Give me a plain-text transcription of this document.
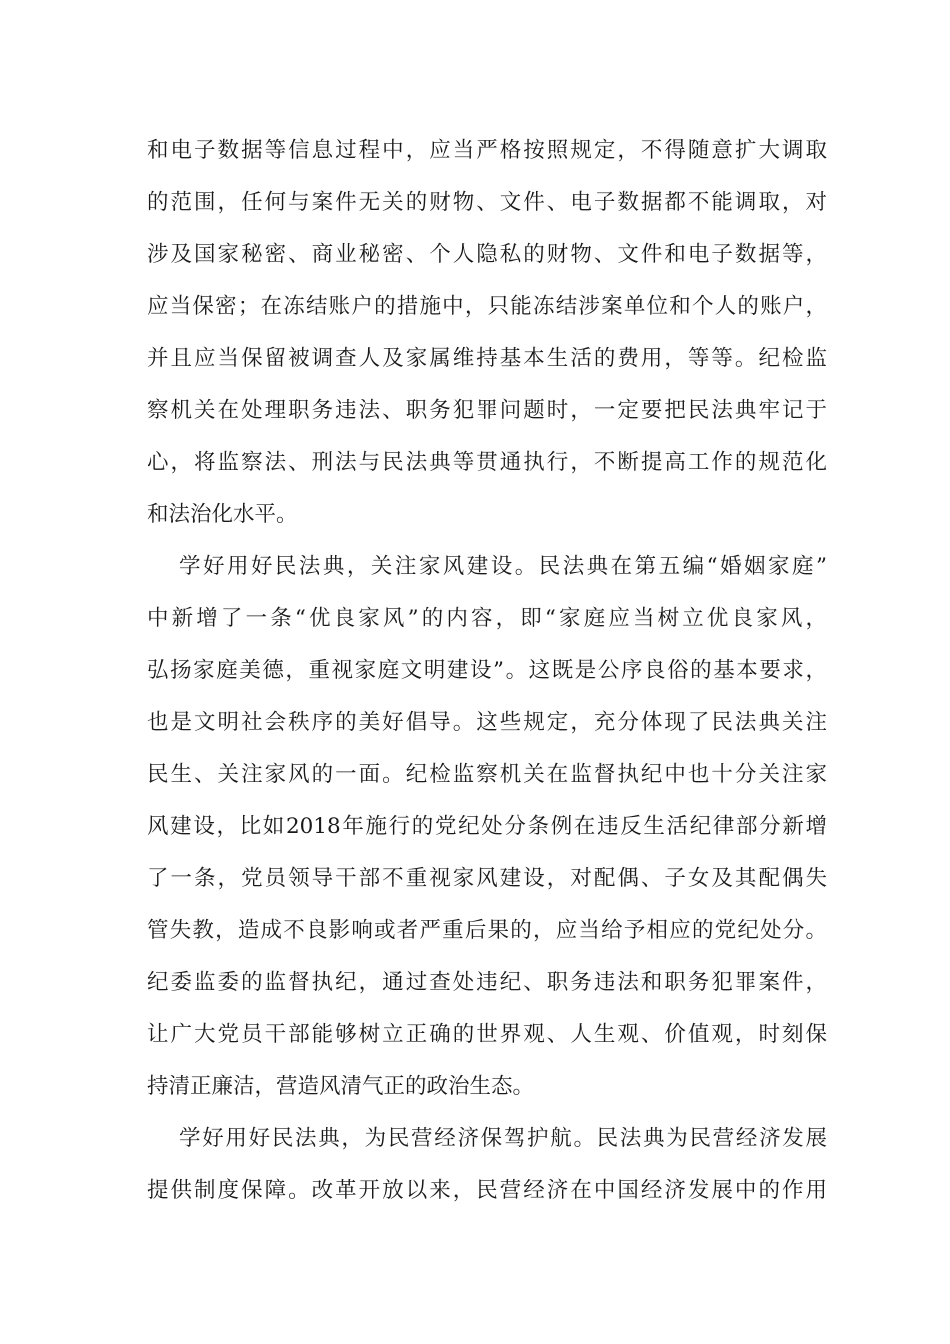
和电子数据等信息过程中，应当严格按照规定，不得随意扩大调取
的范围，任何与案件无关的财物、文件、电子数据都不能调取，对
涉及国家秘密、商业秘密、个人隐私的财物、文件和电子数据等，
应当保密；在冻结账户的措施中，只能冻结涉案单位和个人的账户，
并且应当保留被调查人及家属维持基本生活的费用，等等。纪检监
察机关在处理职务违法、职务犯罪问题时，一定要把民法典牢记于
心，将监察法、刑法与民法典等贯通执行，不断提高工作的规范化
和法治化水平。
学好用好民法典，关注家风建设。民法典在第五编“婚姻家庭”
中新增了一条“优良家风”的内容，即“家庭应当树立优良家风，
弘扬家庭美德，重视家庭文明建设”。这既是公序良俗的基本要求，
也是文明社会秩序的美好倡导。这些规定，充分体现了民法典关注
民生、关注家风的一面。纪检监察机关在监督执纪中也十分关注家
风建设，比如2018年施行的党纪处分条例在违反生活纪律部分新增
了一条，党员领导干部不重视家风建设，对配偶、子女及其配偶失
管失教，造成不良影响或者严重后果的，应当给予相应的党纪处分。
纪委监委的监督执纪，通过查处违纪、职务违法和职务犯罪案件，
让广大党员干部能够树立正确的世界观、人生观、价值观，时刻保
持清正廉洁，营造风清气正的政治生态。
学好用好民法典，为民营经济保驾护航。民法典为民营经济发展
提供制度保障。改革开放以来，民营经济在中国经济发展中的作用
